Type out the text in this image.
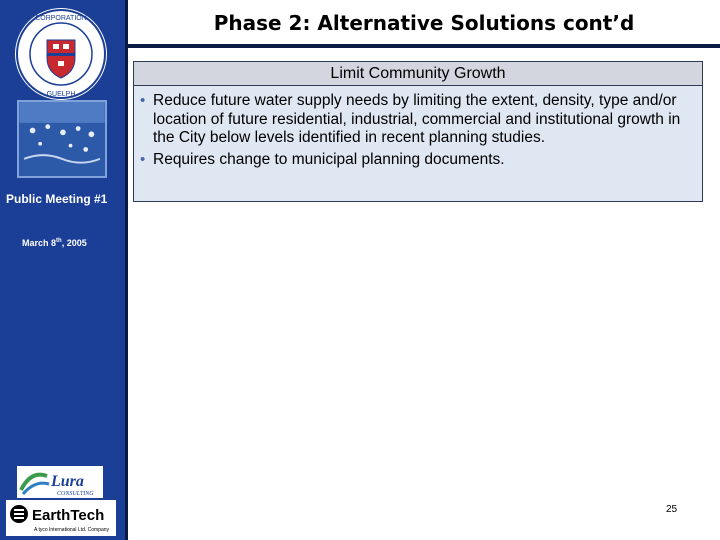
CORPORATION
GUELPH
Public Meeting #1
March 8th, 2005
Lura
CONSULTING
EarthTech
A tyco International Ltd. Company
Phase 2: Alternative Solutions cont’d
Limit Community Growth
• Reduce future water supply needs by limiting the extent, density, type and/or location of future residential, industrial, commercial and institutional growth in the City below levels identified in recent planning studies.
• Requires change to municipal planning documents.
25
